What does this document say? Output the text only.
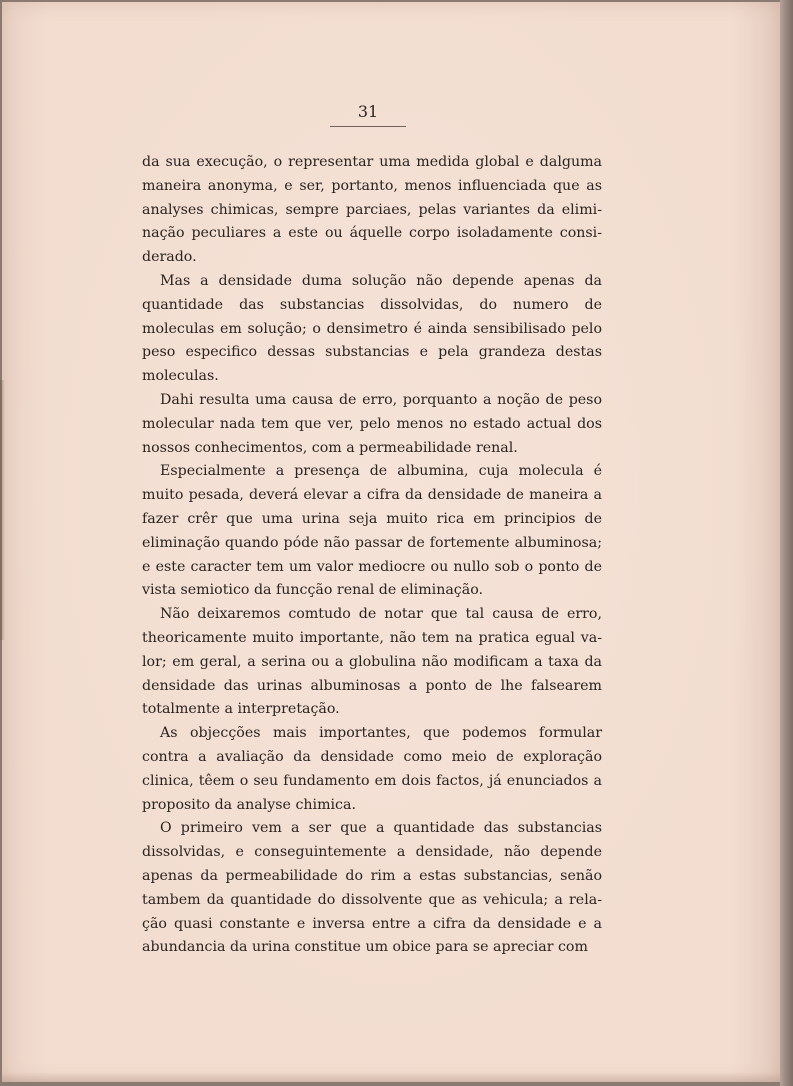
31

da sua execução, o representar uma medida global e dalguma maneira anonyma, e ser, portanto, menos influenciada que as analyses chimicas, sempre parciaes, pelas variantes da eliminação peculiares a este ou áquelle corpo isoladamente considerado.

Mas a densidade duma solução não depende apenas da quantidade das substancias dissolvidas, do numero de moleculas em solução; o densimetro é ainda sensibilisado pelo peso especifico dessas substancias e pela grandeza destas moleculas.

Dahi resulta uma causa de erro, porquanto a noção de peso molecular nada tem que ver, pelo menos no estado actual dos nossos conhecimentos, com a permeabilidade renal.

Especialmente a presença de albumina, cuja molecula é muito pesada, deverá elevar a cifra da densidade de maneira a fazer crêr que uma urina seja muito rica em principios de eliminação quando póde não passar de fortemente albuminosa; e este caracter tem um valor mediocre ou nullo sob o ponto de vista semiotico da funcção renal de eliminação.

Não deixaremos comtudo de notar que tal causa de erro, theoricamente muito importante, não tem na pratica egual valor; em geral, a serina ou a globulina não modificam a taxa da densidade das urinas albuminosas a ponto de lhe falsearem totalmente a interpretação.

As objecções mais importantes, que podemos formular contra a avaliação da densidade como meio de exploração clinica, têem o seu fundamento em dois factos, já enunciados a proposito da analyse chimica.

O primeiro vem a ser que a quantidade das substancias dissolvidas, e conseguintemente a densidade, não depende apenas da permeabilidade do rim a estas substancias, senão tambem da quantidade do dissolvente que as vehicula; a relação quasi constante e inversa entre a cifra da densidade e a abundancia da urina constitue um obice para se apreciar com
